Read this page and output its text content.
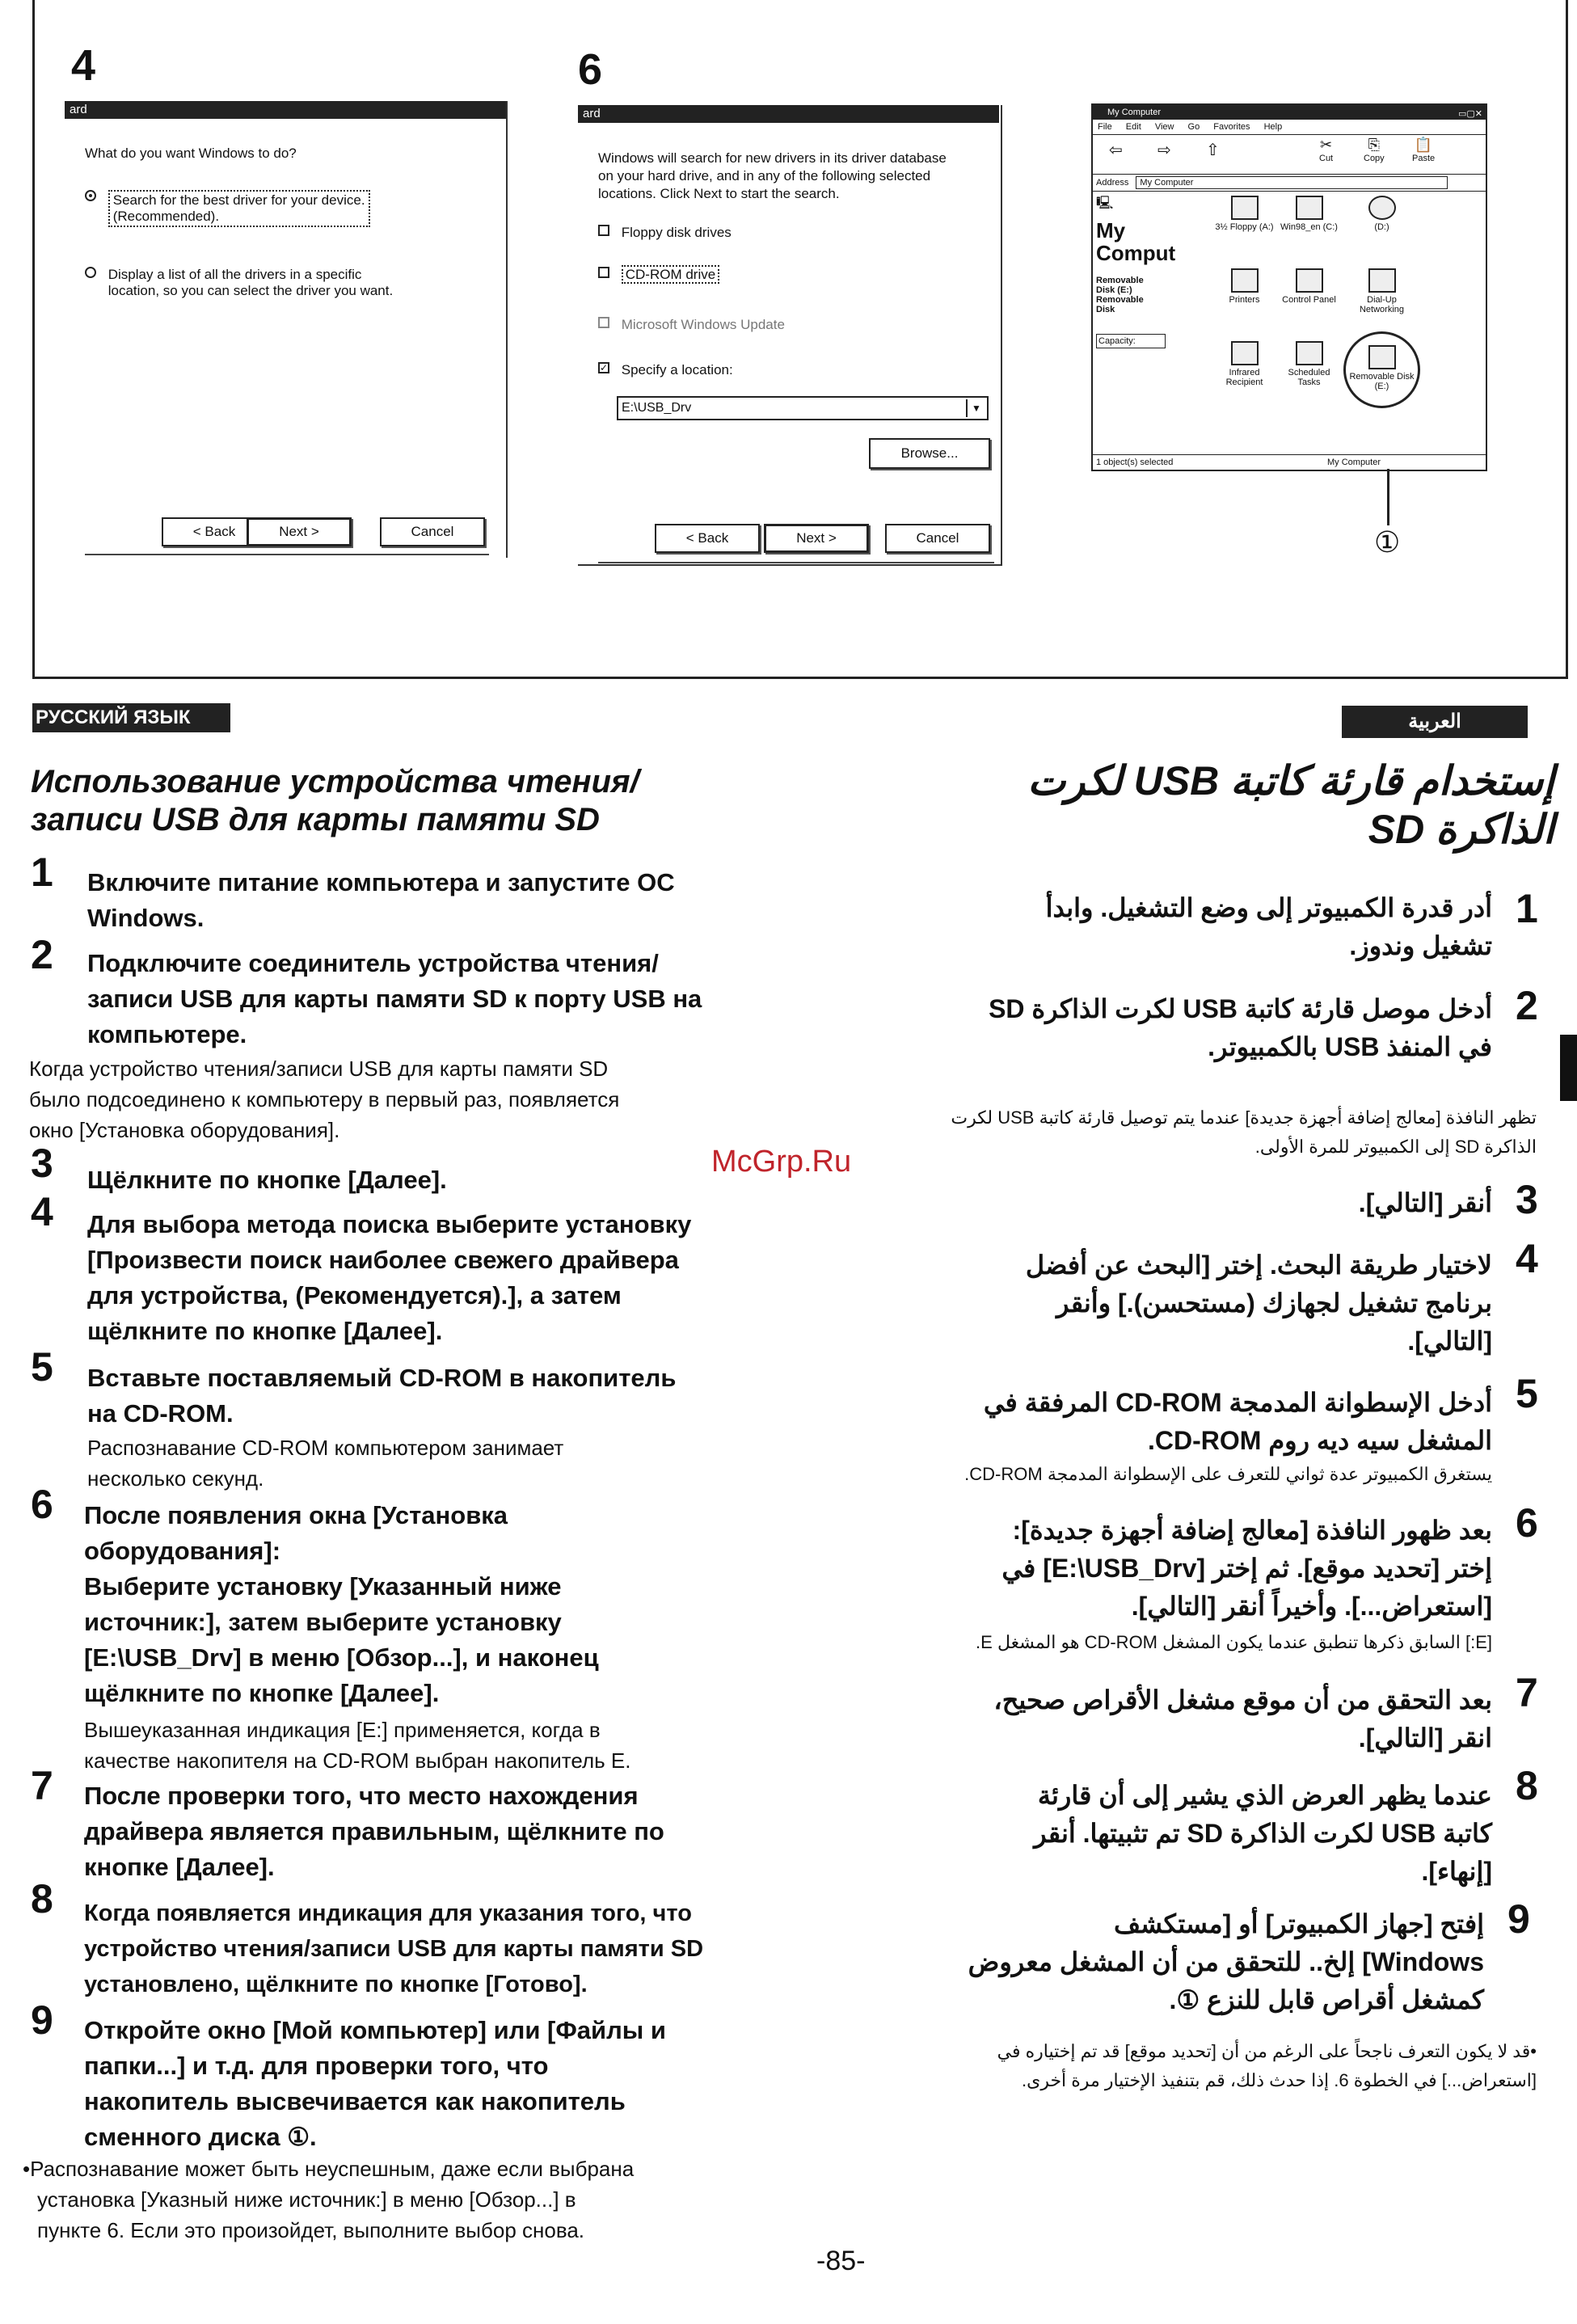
4
ard
What do you want Windows to do?
Search for the best driver for your device.
(Recommended).
Display a list of all the drivers in a specific
location, so you can select the driver you want.
< Back	Next >	Cancel
6
ard
Windows will search for new drivers in its driver database
on your hard drive, and in any of the following selected
locations. Click Next to start the search.
Floppy disk drives
CD-ROM drive
Microsoft Windows Update
✓ Specify a location:
E:\USB_Drv	▼
Browse...
< Back	Next >	Cancel
My Computer	▭▢✕
File Edit View Go Favorites Help
⇦ ⇨ ⇧	✂
Cut
⎘
Copy
📋
Paste
Address My Computer
🖳
My
Comput
Removable
Disk (E:)
Removable
Disk
Capacity:

3½ Floppy (A:) Win98_en (C:)	(D:)

Printers	Control Panel	Dial-Up Networking

Infrared Recipient

Scheduled Tasks

Removable Disk (E:)
1 object(s) selected	My Computer
①
РУССКИЙ ЯЗЫК	العربية
Использование устройства чтения/
записи USB для карты памяти SD
1 Включите питание компьютера и запустите ОС
Windows.
2 Подключите соединитель устройства чтения/
записи USB для карты памяти SD к порту USB на
компьютере.
Когда устройство чтения/записи USB для карты памяти SD
было подсоединено к компьютеру в первый раз, появляется
окно [Установка оборудования].
3 Щёлкните по кнопке [Далее].
4 Для выбора метода поиска выберите установку
[Произвести поиск наиболее свежего драйвера
для устройства, (Рекомендуется).], а затем
щёлкните по кнопке [Далее].
5 Вставьте поставляемый CD-ROM в накопитель
на CD-ROM.
Распознавание CD-ROM компьютером занимает
несколько секунд.
6 После появления окна [Установка
оборудования]:
Выберите установку [Указанный ниже
источник:], затем выберите установку
[E:\USB_Drv] в меню [Обзор...], и наконец
щёлкните по кнопке [Далее].
Вышеуказанная индикация [E:] применяется, когда в
качестве накопителя на CD-ROM выбран накопитель E.
7 После проверки того, что место нахождения
драйвера является правильным, щёлкните по
кнопке [Далее].
8 Когда появляется индикация для указания того, что
устройство чтения/записи USB для карты памяти SD
установлено, щёлкните по кнопке [Готово].
9 Откройте окно [Мой компьютер] или [Файлы и
папки...] и т.д. для проверки того, что
накопитель высвечивается как накопитель
сменного диска ①.
•Распознавание может быть неуспешным, даже если выбрана
установка [Указный ниже источник:] в меню [Обзор...] в
пункте 6. Если это произойдет, выполните выбор снова.
إستخدام قارئة كاتبة USB لكرت
الذاكرة SD
1
أدر قدرة الكمبيوتر إلى وضع التشغيل. وابدأ
تشغيل وندوز.
2
أدخل موصل قارئة كاتبة USB لكرت الذاكرة SD
في المنفذ USB بالكمبيوتر.
تظهر النافذة [معالج إضافة أجهزة جديدة] عندما يتم توصيل قارئة كاتبة USB لكرت
الذاكرة SD إلى الكمبيوتر للمرة الأولى.
3
أنقر [التالي].
4
لاختيار طريقة البحث. إختر [البحث عن أفضل
برنامج تشغيل لجهازك (مستحسن).] وأنقر
[التالي].
5
أدخل الإسطوانة المدمجة CD-ROM المرفقة في
المشغل سيه ديه روم CD-ROM.
يستغرق الكمبيوتر عدة ثواني للتعرف على الإسطوانة المدمجة CD-ROM.
6
بعد ظهور النافذة [معالج إضافة أجهزة جديدة]:
إختر [تحديد موقع]. ثم إختر [E:\USB_Drv] في
[استعراض...]. وأخيراً أنقر [التالي].
[E:] السابق ذكرها تنطبق عندما يكون المشغل CD-ROM هو المشغل E.
7
بعد التحقق من أن موقع مشغل الأقراص صحيح،
انقر [التالي].
8
عندما يظهر العرض الذي يشير إلى أن قارئة
كاتبة USB لكرت الذاكرة SD تم تثبيتها. أنقر
[إنهاء].
9
إفتح [جهاز الكمبيوتر] أو [مستكشف
Windows] إلخ.. للتحقق من أن المشغل معروض
كمشغل أقراص قابل للنزع ①.
•قد لا يكون التعرف ناجحاً على الرغم من أن [تحديد موقع] قد تم إختياره في
[استعراض...] في الخطوة 6. إذا حدث ذلك، قم بتنفيذ الإختيار مرة أخرى.
McGrp.Ru
-85-
